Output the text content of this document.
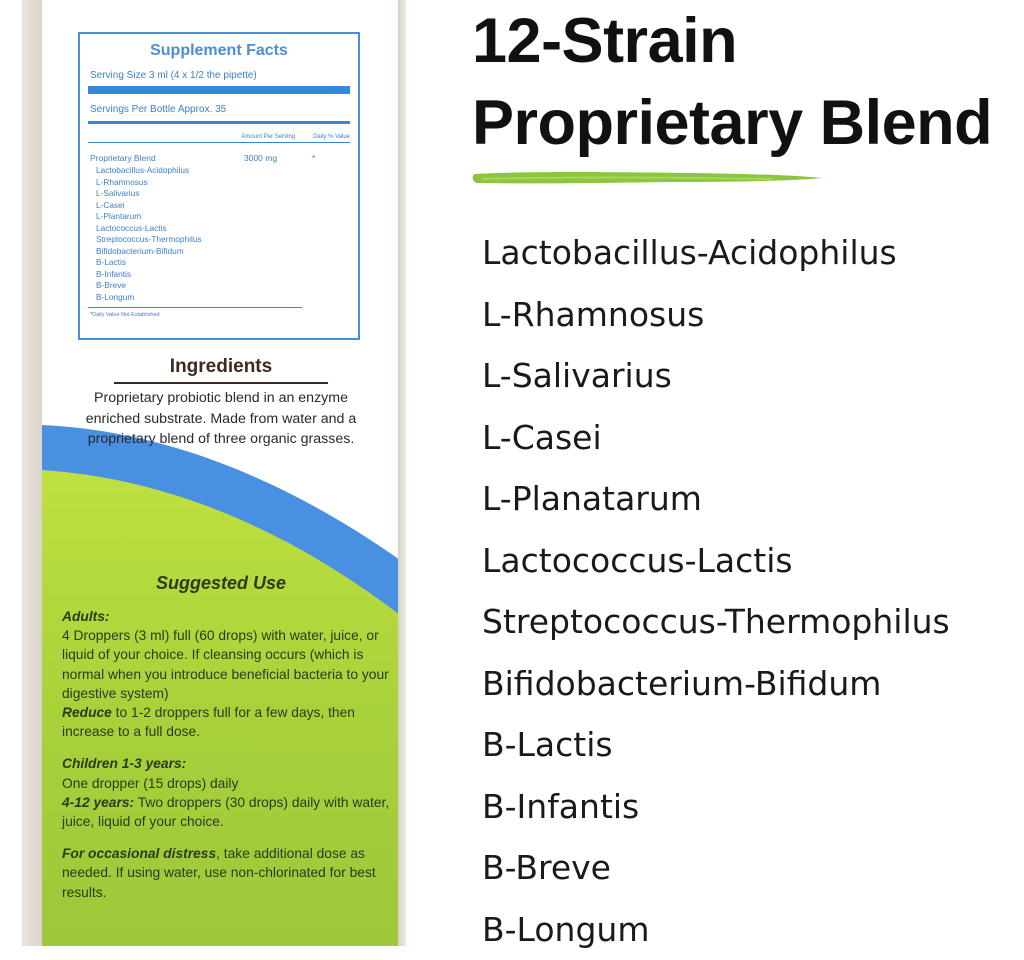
Supplement Facts
Serving Size 3 ml (4 x 1/2 the pipette)
Servings Per Bottle Approx. 35
Amount Per Serving	Daily % Value
Proprietary Blend	3000 mg	*
Lactobacillus-Acidophilus
L-Rhamnosus
L-Salivarius
L-Casei
L-Plantarum
Lactococcus-Lactis
Streptococcus-Thermophilus
Bifidobacterium-Bifidum
B-Lactis
B-Infantis
B-Breve
B-Longum
*Daily Value Not Established
Ingredients
Proprietary probiotic blend in an enzyme enriched substrate. Made from water and a proprietary blend of three organic grasses.
Suggested Use

Adults:
4 Droppers (3 ml) full (60 drops) with water, juice, or liquid of your choice. If cleansing occurs (which is normal when you introduce beneficial bacteria to your digestive system)
Reduce to 1-2 droppers full for a few days, then increase to a full dose.

Children 1-3 years:
One dropper (15 drops) daily
4-12 years: Two droppers (30 drops) daily with water, juice, liquid of your choice.

For occasional distress, take additional dose as needed. If using water, use non-chlorinated for best results.

12-Strain
Proprietary Blend
Lactobacillus-Acidophilus
L-Rhamnosus
L-Salivarius
L-Casei
L-Planatarum
Lactococcus-Lactis
Streptococcus-Thermophilus
Bifidobacterium-Bifidum
B-Lactis
B-Infantis
B-Breve
B-Longum
